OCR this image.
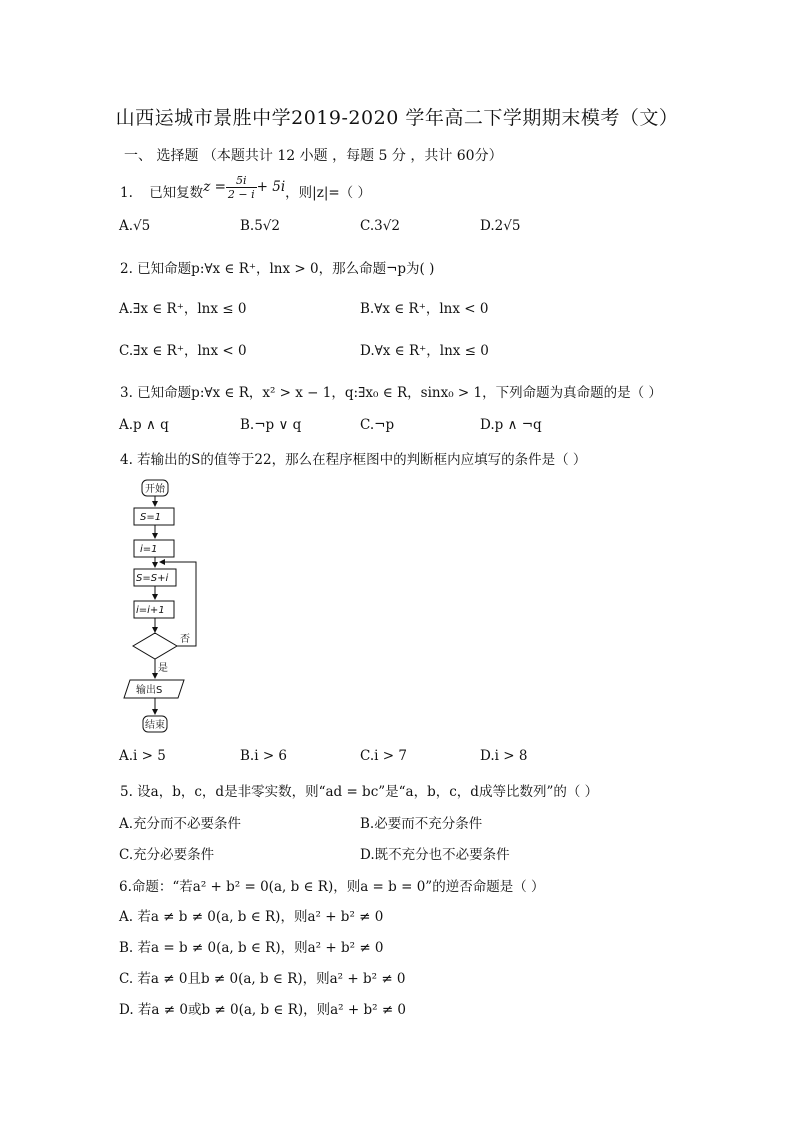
山西运城市景胜中学2019-2020 学年高二下学期期末模考（文）
一、 选择题 （本题共计 12 小题 ，每题 5 分 ，共计 60分）
1. 已知复数$z = \frac{5i}{2 - i} + 5i$，则|z|=（ ）
A.√5	B.5√2	C.3√2	D.2√5
2. 已知命题p:∀x ∈ R⁺，lnx > 0，那么命题¬p为( )
A.∃x ∈ R⁺，lnx ≤ 0	B.∀x ∈ R⁺，lnx < 0
C.∃x ∈ R⁺，lnx < 0	D.∀x ∈ R⁺，lnx ≤ 0
3. 已知命题p:∀x ∈ R，x² > x − 1，q:∃x₀ ∈ R，sinx₀ > 1，下列命题为真命题的是（ ）
A.p ∧ q	B.¬p ∨ q	C.¬p	D.p ∧ ¬q
4. 若输出的S的值等于22，那么在程序框图中的判断框内应填写的条件是（ ）
开始
S=1
i=1
S=S+i
i=i+1
否
是
输出S
结束
A.i > 5	B.i > 6	C.i > 7	D.i > 8
5. 设a，b，c，d是非零实数，则“ad = bc”是“a，b，c，d成等比数列”的（ ）
A.充分而不必要条件	B.必要而不充分条件
C.充分必要条件	D.既不充分也不必要条件
6.命题：“若a² + b² = 0(a, b ∈ R)，则a = b = 0”的逆否命题是（ ）
A. 若a ≠ b ≠ 0(a, b ∈ R)，则a² + b² ≠ 0
B. 若a = b ≠ 0(a, b ∈ R)，则a² + b² ≠ 0
C. 若a ≠ 0且b ≠ 0(a, b ∈ R)，则a² + b² ≠ 0
D. 若a ≠ 0或b ≠ 0(a, b ∈ R)，则a² + b² ≠ 0
